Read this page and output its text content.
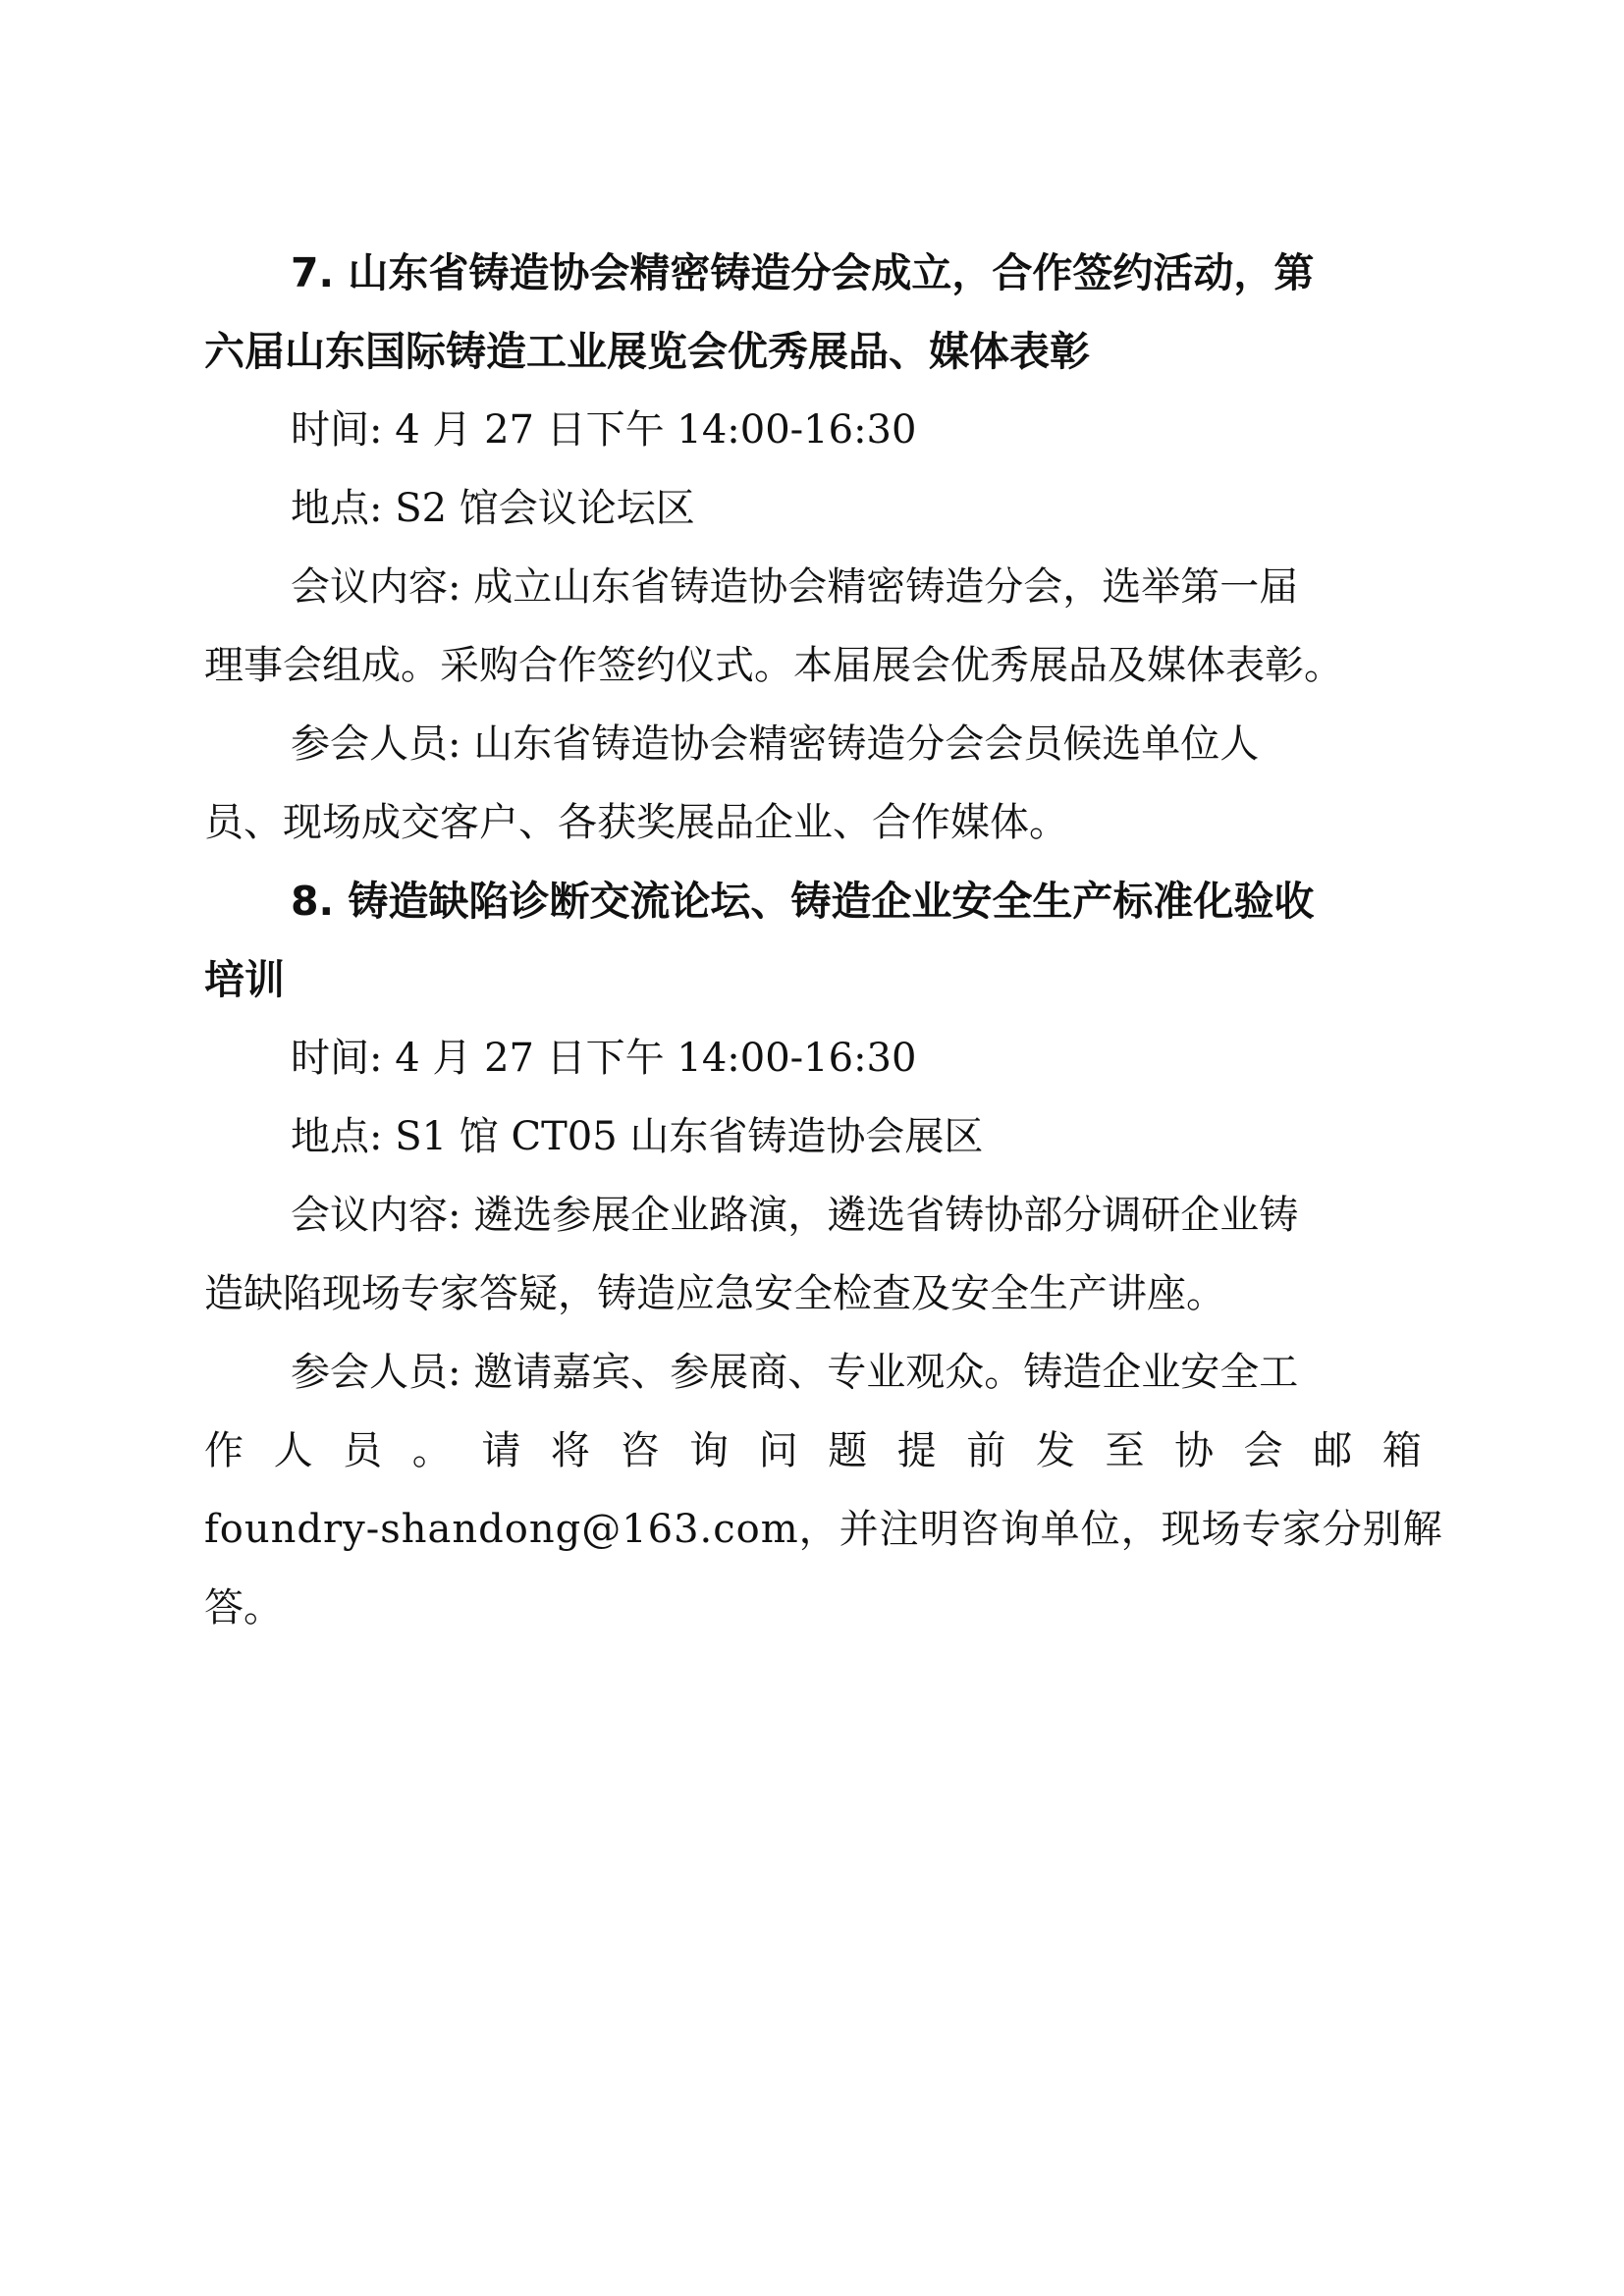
7. 山东省铸造协会精密铸造分会成立，合作签约活动，第
六届山东国际铸造工业展览会优秀展品、媒体表彰
时间: 4 月 27 日下午 14:00-16:30
地点: S2 馆会议论坛区
会议内容: 成立山东省铸造协会精密铸造分会，选举第一届
理事会组成。采购合作签约仪式。本届展会优秀展品及媒体表彰。
参会人员: 山东省铸造协会精密铸造分会会员候选单位人
员、现场成交客户、各获奖展品企业、合作媒体。
8. 铸造缺陷诊断交流论坛、铸造企业安全生产标准化验收
培训
时间: 4 月 27 日下午 14:00-16:30
地点: S1 馆 CT05 山东省铸造协会展区
会议内容: 遴选参展企业路演，遴选省铸协部分调研企业铸
造缺陷现场专家答疑，铸造应急安全检查及安全生产讲座。
参会人员: 邀请嘉宾、参展商、专业观众。铸造企业安全工
作 人 员 。 请 将 咨 询 问 题 提 前 发 至 协 会 邮 箱
foundry-shandong@163.com，并注明咨询单位，现场专家分别解
答。
